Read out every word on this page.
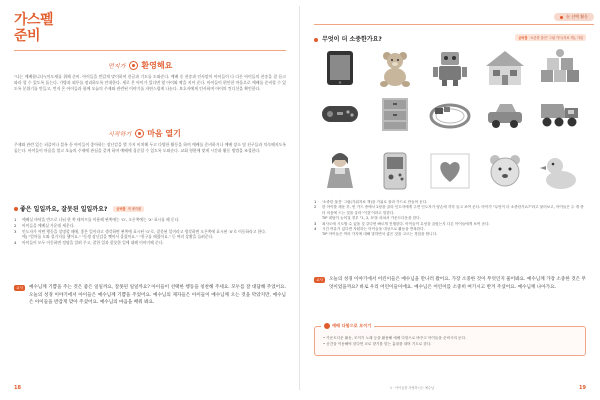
가스펠
준비
먼지가 환영해요
"나는 예배합니다"(이도재를 위해 준비. 아이들을 반갑게 맞이하며 한글과 기도를 도와준다. 예배 중 찬송과 인사말이 아이들이 다 다른 아이들의 찬송을 잘 듣고 따라 할 수 있도록 돕는다. 가방과 외투를 정리하도록 안내한다. 세로 온 아이가 있다면 옆 아이와 짝을 지어 준다. 아이들이 편안한 마음으로 예배를 준비할 수 있도록 분위기를 만들고, 먼저 온 아이들과 함께 오늘의 주제와 관련된 이야기를 자연스럽게 나눈다. 보호자에게 인사하며 아이의 컨디션을 확인한다.
시작하기 마음 열기
주제와 관련 있는 퍼즐이나 블록 등 아이들이 좋아하는 장난감을 몇 가지 비치해 두고 다양한 활동을 하며 예배를 준비하거나 예배 장소 및 친구들과 익숙해지도록 돕는다. 아이들이 마음을 열고 오늘의 주제에 관심을 갖게 하며 예배에 집중할 수 있도록 도와준다. 교회 형편에 맞게 시간과 활동 방법을 조절한다.
좋은 일일까요, 잘못된 일일까요?	준비물 색 매직펜
1	예배실 바닥을 반으로 나눠 한 쪽 테이프를 이용해 왼쪽에는 'O', 오른쪽에는 'X' 표시를 해 둔다.
2	아이들을 예배실 가운데 세운다.
3	인도자가 어떤 행동을 설명할 때에, 좋은 일이라고 생각하면 왼쪽에 표시된 'O'로, 잘못된 일이라고 생각하면 오른쪽에 표시된 'X'로 이동하라고 한다.
예) "엄마를 도와 설거지를 했어요." "동생 장난감을 뺏어서 울렸어요." "친구를 때렸어요." 등 여러 상황을 들려준다.
4	아이들이 모두 이동하면 정답을 알려 주고, 잘한 일과 잘못한 일에 대해 이야기해 준다.
교사	예수님께 기쁨을 주는 것은 좋은 일일까요, 잘못된 일일까요? 아이들이 선택한 행동을 칭찬해 주세요. 모두를 잘 대답해 주었어요. 오늘의 성경 이야기에서 아이들은 예수님께 기쁨을 주었어요. 예수님의 제자들은 아이들이 예수님께 오는 것을 막았지만, 예수님은 아이들을 반갑게 맞아 주셨어요. 예수님의 마음을 배워 봐요.
18
눈 선택 활동
무엇이 더 소중한가요?	준비물 '소중한 물건' 그림 카드(자료 책), 가위
1	'소중한 물건' 그림(가위자료 책)을 가위로 잘라 카드로 만들어 둔다.
2	한 아이를 세운 후, 빈 카드 중에서 2장을 골라 인도자에게 주면 인도자가 양손에 각각 들고 보여 준다. 아이가 "무엇이 더 소중한가요?"라고 물어보고, 아이들은 두 개 중 더 마음에 드는 것을 골라 '이것'이라고 말한다.
TIP 대답이 늦어질 경우 "1, 2, 3"을 외쳐서 카운트다운을 한다.
3	최사도에 시도할 수 있을 것 같다면 빠르게 진행한다. 아이들이 무엇을 골랐는지 다른 아이들에게 보여 준다.
4	시간 여유가 있다면 자원하는 아이들을 대상으로 활동을 반복한다.
TIP 아이들은 여러 가지에 대해 말하면서 좋은 것을 고르는 경험을 합니다.
교사	오늘의 성경 이야기에서 어린이들은 예수님을 만나러 왔어요. 가장 소중한 것이 무엇인지 물어봐요. 예수님께 가장 소중한 것은 무엇이었을까요? 바로 우리 어린이들이에요. 예수님은 어린이를 소중히 여기시고 반겨 주셨어요. 예수님께 나아가요.
예배 다함으로 모이기
• 카운트다운 활동, 모이기 노래 등을 활용해 예배 다함으로 바꾸고 아이들을 준비시켜 둔다.
• 공간을 이동해야 한다면 코로 향기를 맡는 흉내를 내며 기도로 한다.
1 · 아이들을 사랑하시는 예수님	19
